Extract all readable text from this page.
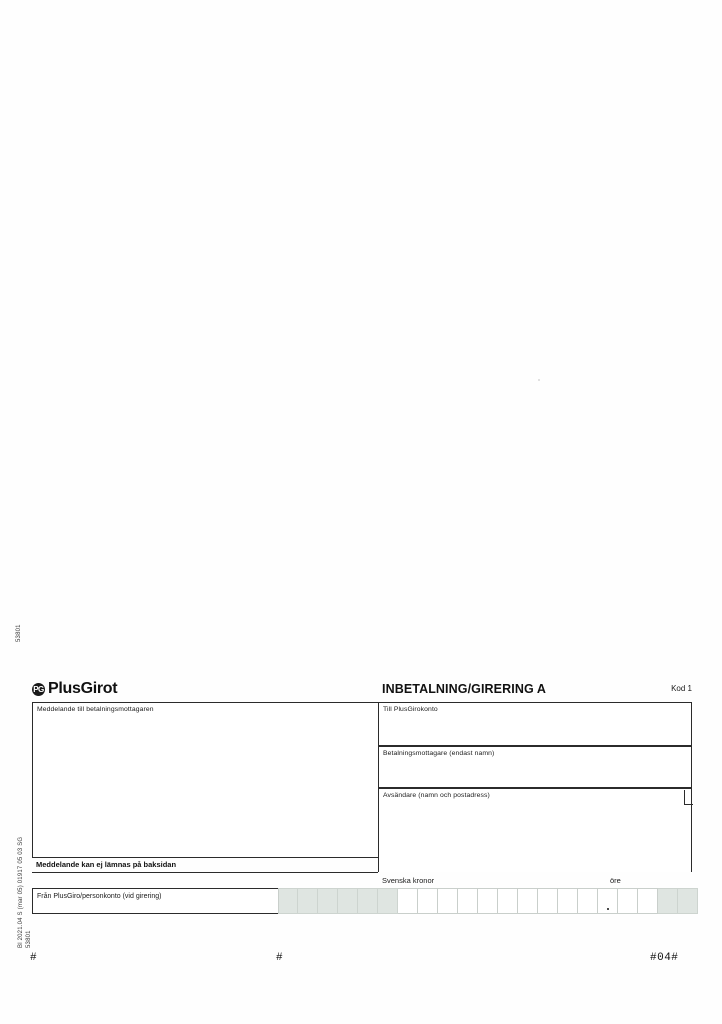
53801
53801
Bl 2021.04 S (mar 05) 01917 05 03 SG
PG PlusGirot	INBETALNING/GIRERING A	Kod 1
Meddelande till betalningsmottagaren
Meddelande kan ej lämnas på baksidan
Till PlusGirokonto
Betalningsmottagare (endast namn)
Avsändare (namn och postadress)
Svenska kronor	öre
Från PlusGiro/personkonto (vid girering)
#	#	#04#
